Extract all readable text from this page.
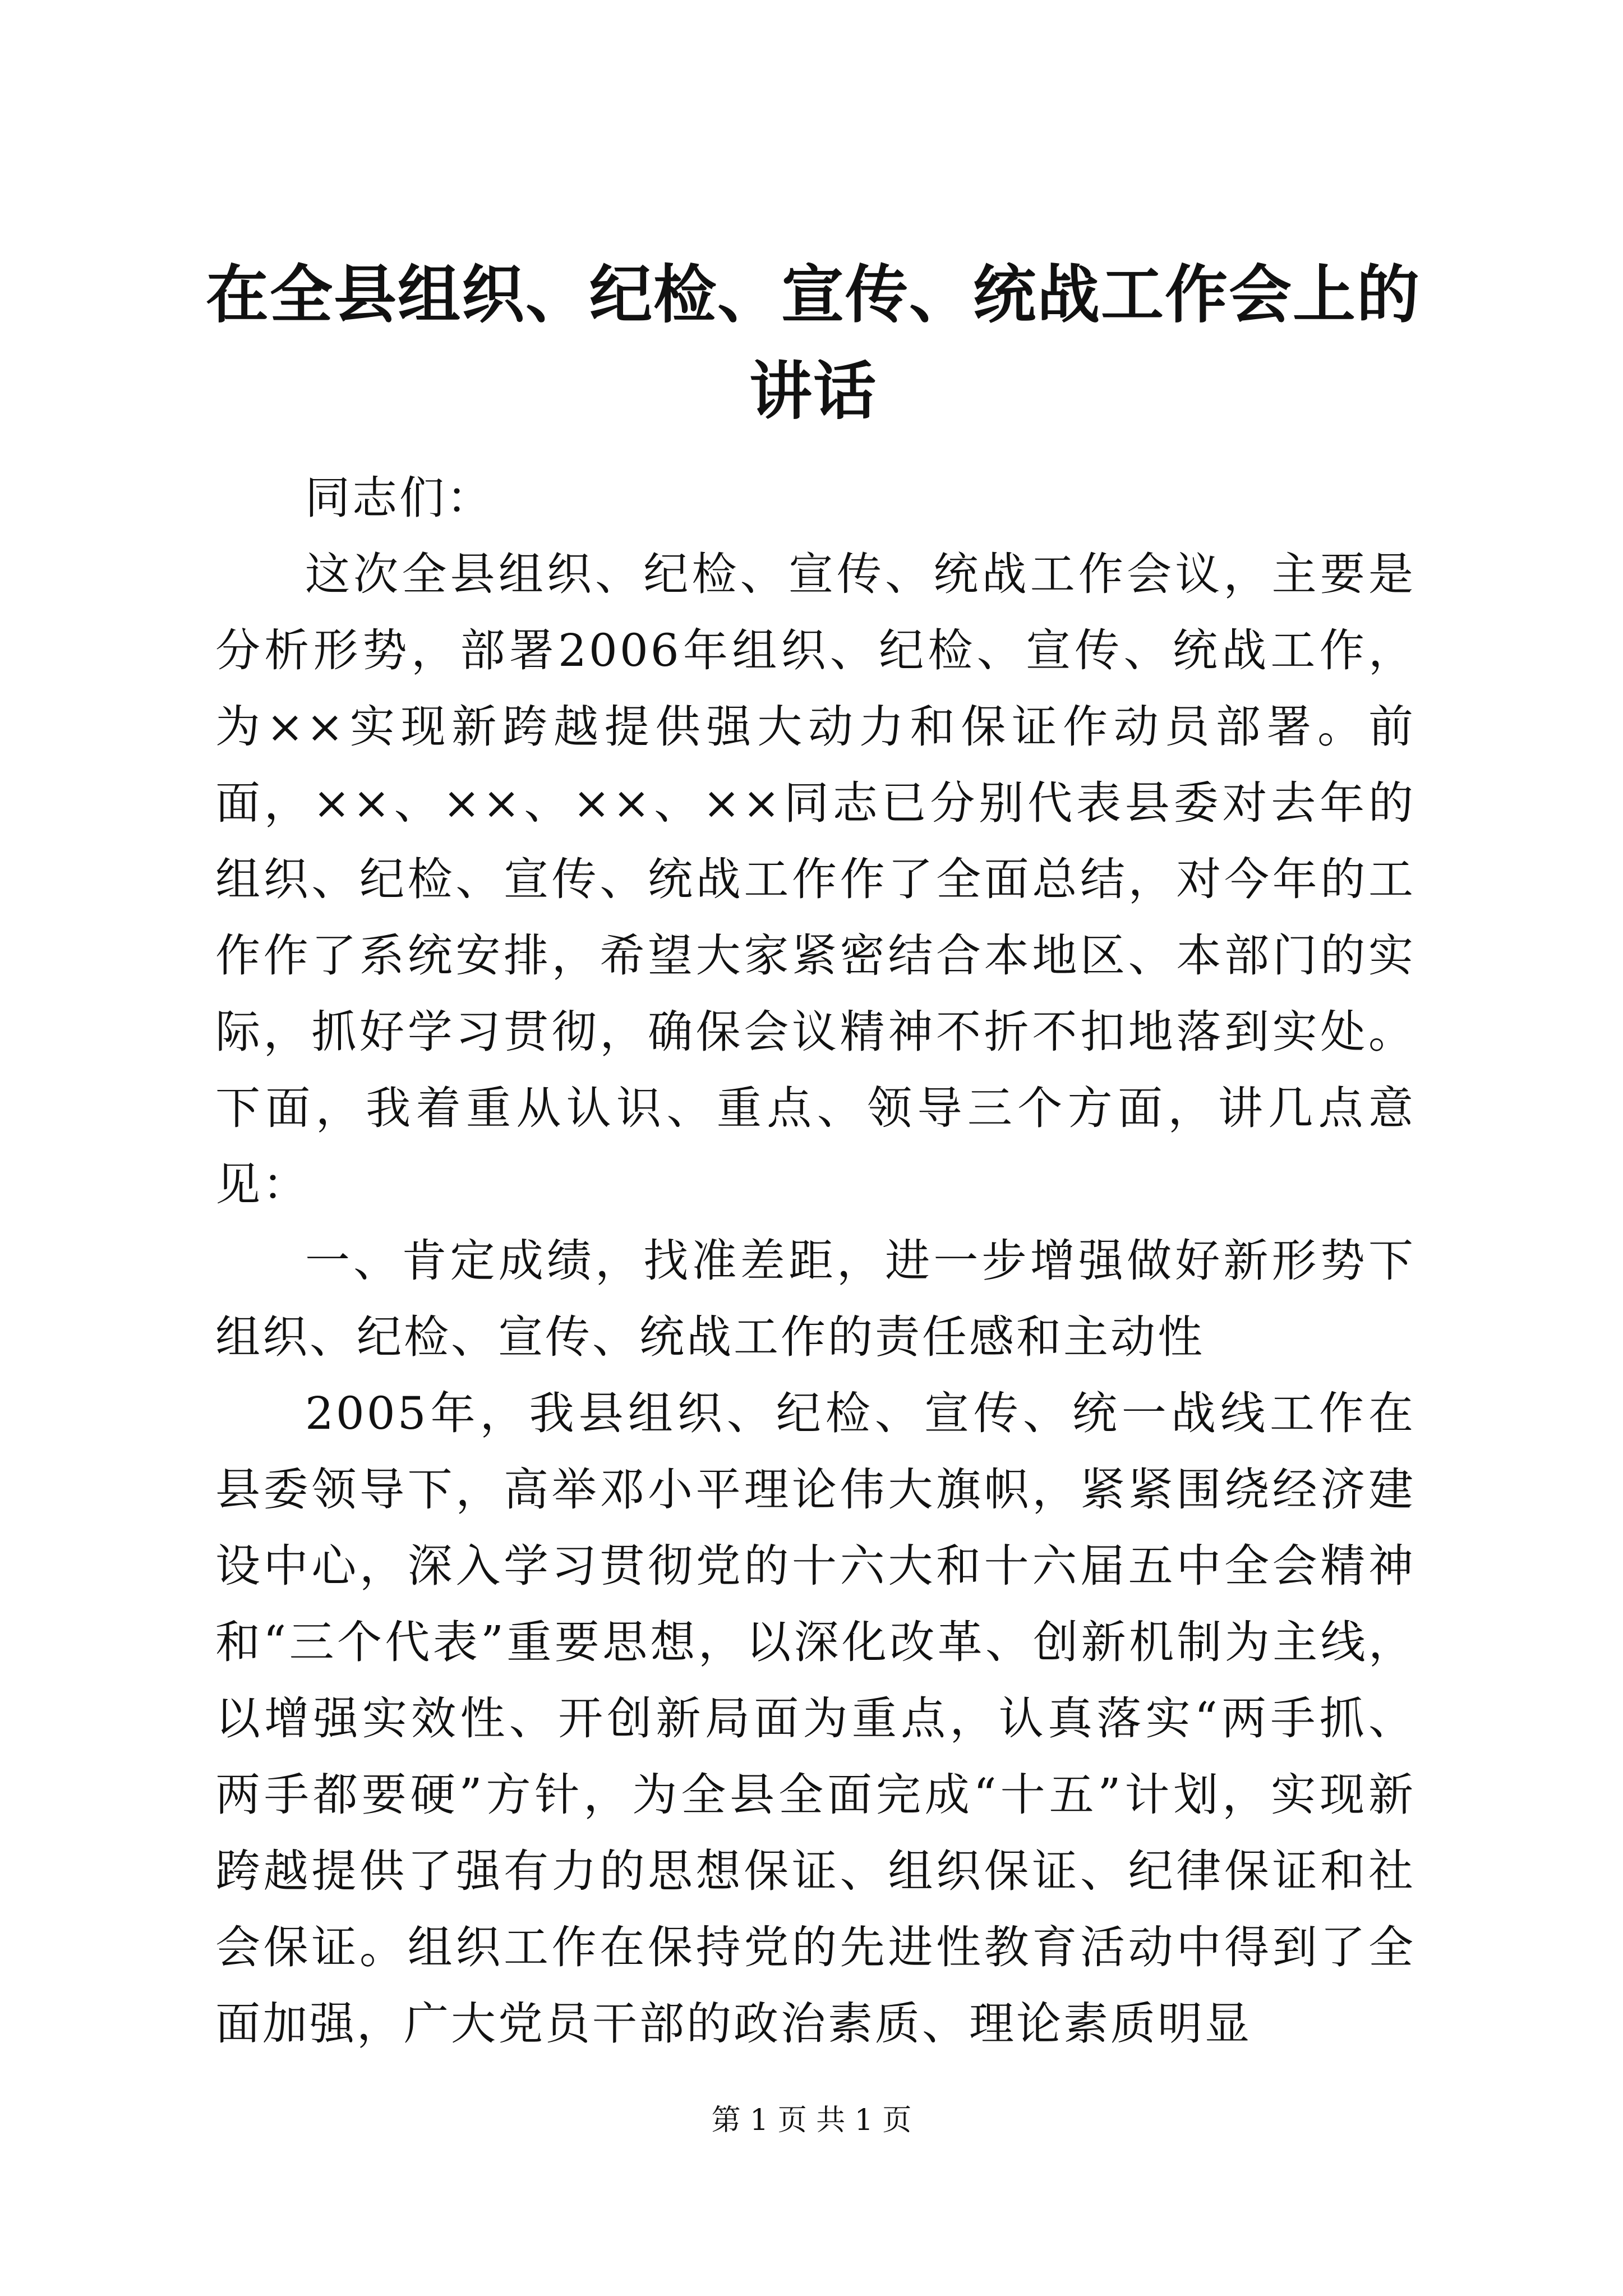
在全县组织、纪检、宣传、统战工作会上的讲话

同志们：

这次全县组织、纪检、宣传、统战工作会议，主要是分析形势，部署2006年组织、纪检、宣传、统战工作，为××实现新跨越提供强大动力和保证作动员部署。前面，××、××、××、××同志已分别代表县委对去年的组织、纪检、宣传、统战工作作了全面总结，对今年的工作作了系统安排，希望大家紧密结合本地区、本部门的实际，抓好学习贯彻，确保会议精神不折不扣地落到实处。下面，我着重从认识、重点、领导三个方面，讲几点意见：

一、肯定成绩，找准差距，进一步增强做好新形势下组织、纪检、宣传、统战工作的责任感和主动性

2005年，我县组织、纪检、宣传、统一战线工作在县委领导下，高举邓小平理论伟大旗帜，紧紧围绕经济建设中心，深入学习贯彻党的十六大和十六届五中全会精神和“三个代表”重要思想，以深化改革、创新机制为主线，以增强实效性、开创新局面为重点，认真落实“两手抓、两手都要硬”方针，为全县全面完成“十五”计划，实现新跨越提供了强有力的思想保证、组织保证、纪律保证和社会保证。组织工作在保持党的先进性教育活动中得到了全面加强，广大党员干部的政治素质、理论素质明显

第 1 页 共 1 页
